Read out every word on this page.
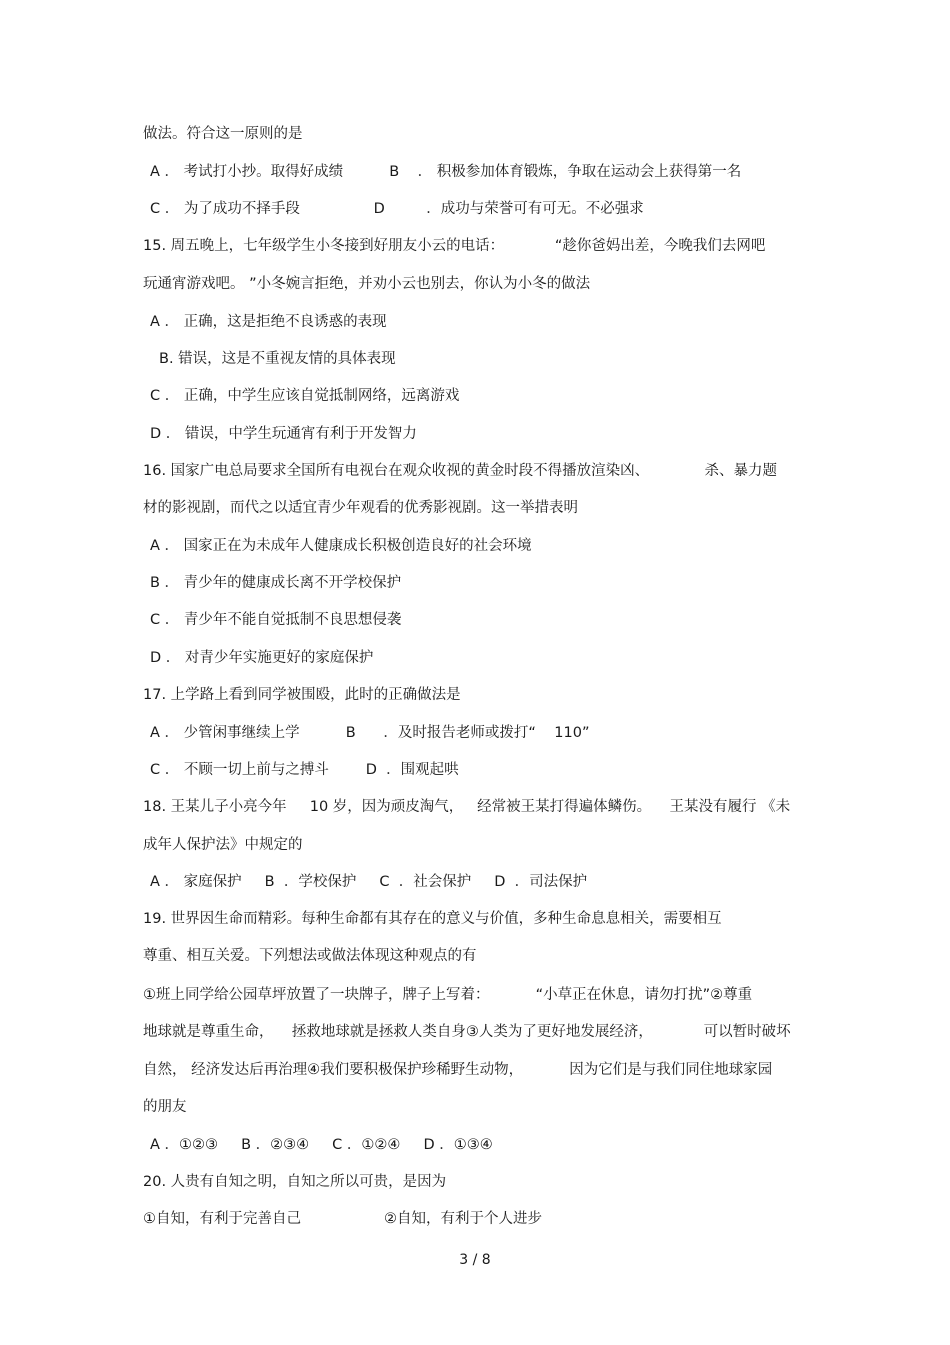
做法。符合这一原则的是
A ． 考试打小抄。取得好成绩          B    ． 积极参加体育锻炼，争取在运动会上获得第一名
C ． 为了成功不择手段                D         ．成功与荣誉可有可无。不必强求
15. 周五晚上，七年级学生小冬接到好朋友小云的电话：           “趁你爸妈出差，今晚我们去网吧
玩通宵游戏吧。 ”小冬婉言拒绝，并劝小云也别去，你认为小冬的做法
A ． 正确，这是拒绝不良诱惑的表现
B. 错误，这是不重视友情的具体表现
C ． 正确，中学生应该自觉抵制网络，远离游戏
D ． 错误，中学生玩通宵有利于开发智力
16. 国家广电总局要求全国所有电视台在观众收视的黄金时段不得播放渲染凶、            杀、暴力题
材的影视剧，而代之以适宜青少年观看的优秀影视剧。这一举措表明
A ． 国家正在为未成年人健康成长积极创造良好的社会环境
B ． 青少年的健康成长离不开学校保护
C ． 青少年不能自觉抵制不良思想侵袭
D ． 对青少年实施更好的家庭保护
17. 上学路上看到同学被围殴，此时的正确做法是
A ． 少管闲事继续上学          B      ．及时报告老师或拨打“    110”
C ． 不顾一切上前与之搏斗        D  ．围观起哄
18. 王某儿子小亮今年     10 岁，因为顽皮淘气，   经常被王某打得遍体鳞伤。    王某没有履行 《未
成年人保护法》中规定的
A ． 家庭保护     B  ．学校保护     C  ．社会保护     D  ．司法保护
19. 世界因生命而精彩。每种生命都有其存在的意义与价值，多种生命息息相关，需要相互
尊重、相互关爱。下列想法或做法体现这种观点的有
①班上同学给公园草坪放置了一块牌子，牌子上写着：          “小草正在休息，请勿打扰”②尊重
地球就是尊重生命，    拯救地球就是拯救人类自身③人类为了更好地发展经济，           可以暂时破坏
自然， 经济发达后再治理④我们要积极保护珍稀野生动物，          因为它们是与我们同住地球家园
的朋友
A ．①②③     B ．②③④     C ．①②④     D ．①③④
20. 人贵有自知之明，自知之所以可贵，是因为
①自知，有利于完善自己                  ②自知，有利于个人进步
3 / 8
